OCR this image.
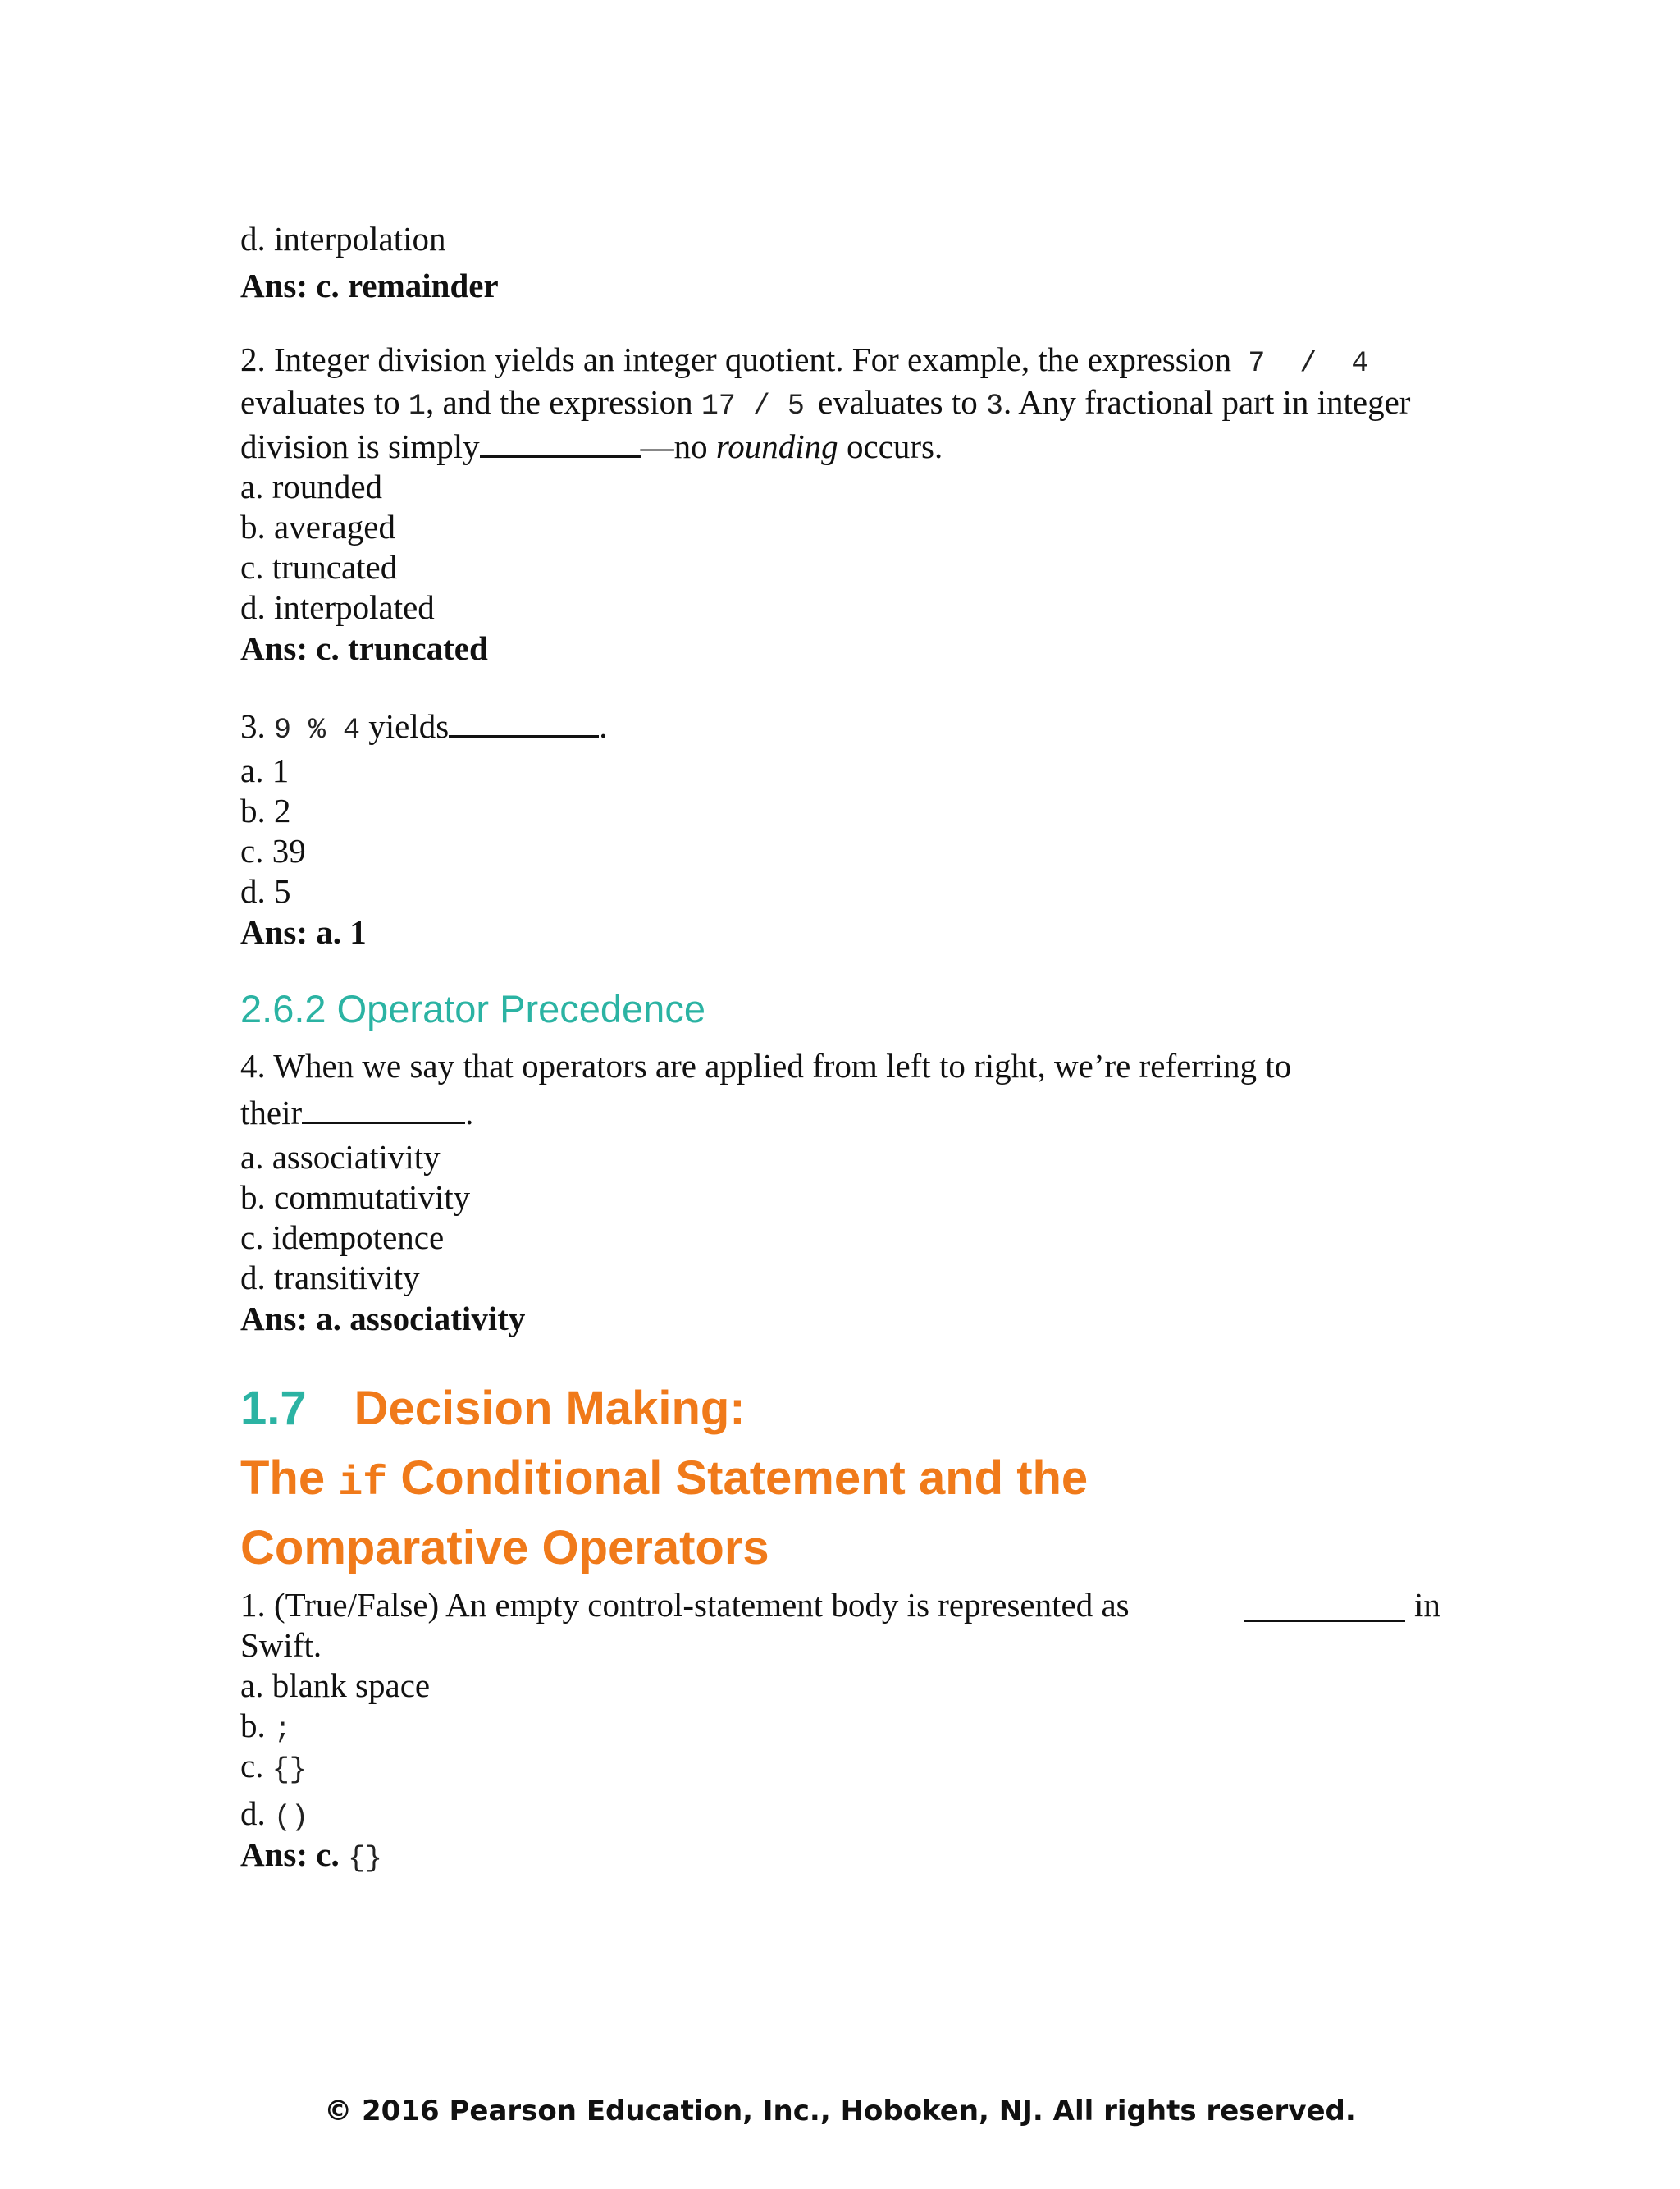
d. interpolation
Ans: c. remainder
2. Integer division yields an integer quotient. For example, the expression 7  /  4
evaluates to 1, and the expression 17 / 5 evaluates to 3. Any fractional part in integer
division is simply	—no rounding occurs.
a. rounded
b. averaged
c. truncated
d. interpolated
Ans: c. truncated
3. 9 % 4 yields	.
a. 1
b. 2
c. 39
d. 5
Ans: a. 1
2.6.2 Operator Precedence
4. When we say that operators are applied from left to right, we’re referring to
their	.
a. associativity
b. commutativity
c. idempotence
d. transitivity
Ans: a. associativity
1.7 Decision Making:
The if Conditional Statement and the
Comparative Operators
1. (True/False) An empty control-statement body is represented as	in
Swift.
a. blank space
b. ;
c. {}
d. ()
Ans: c. {}
© 2016 Pearson Education, Inc., Hoboken, NJ. All rights reserved.
